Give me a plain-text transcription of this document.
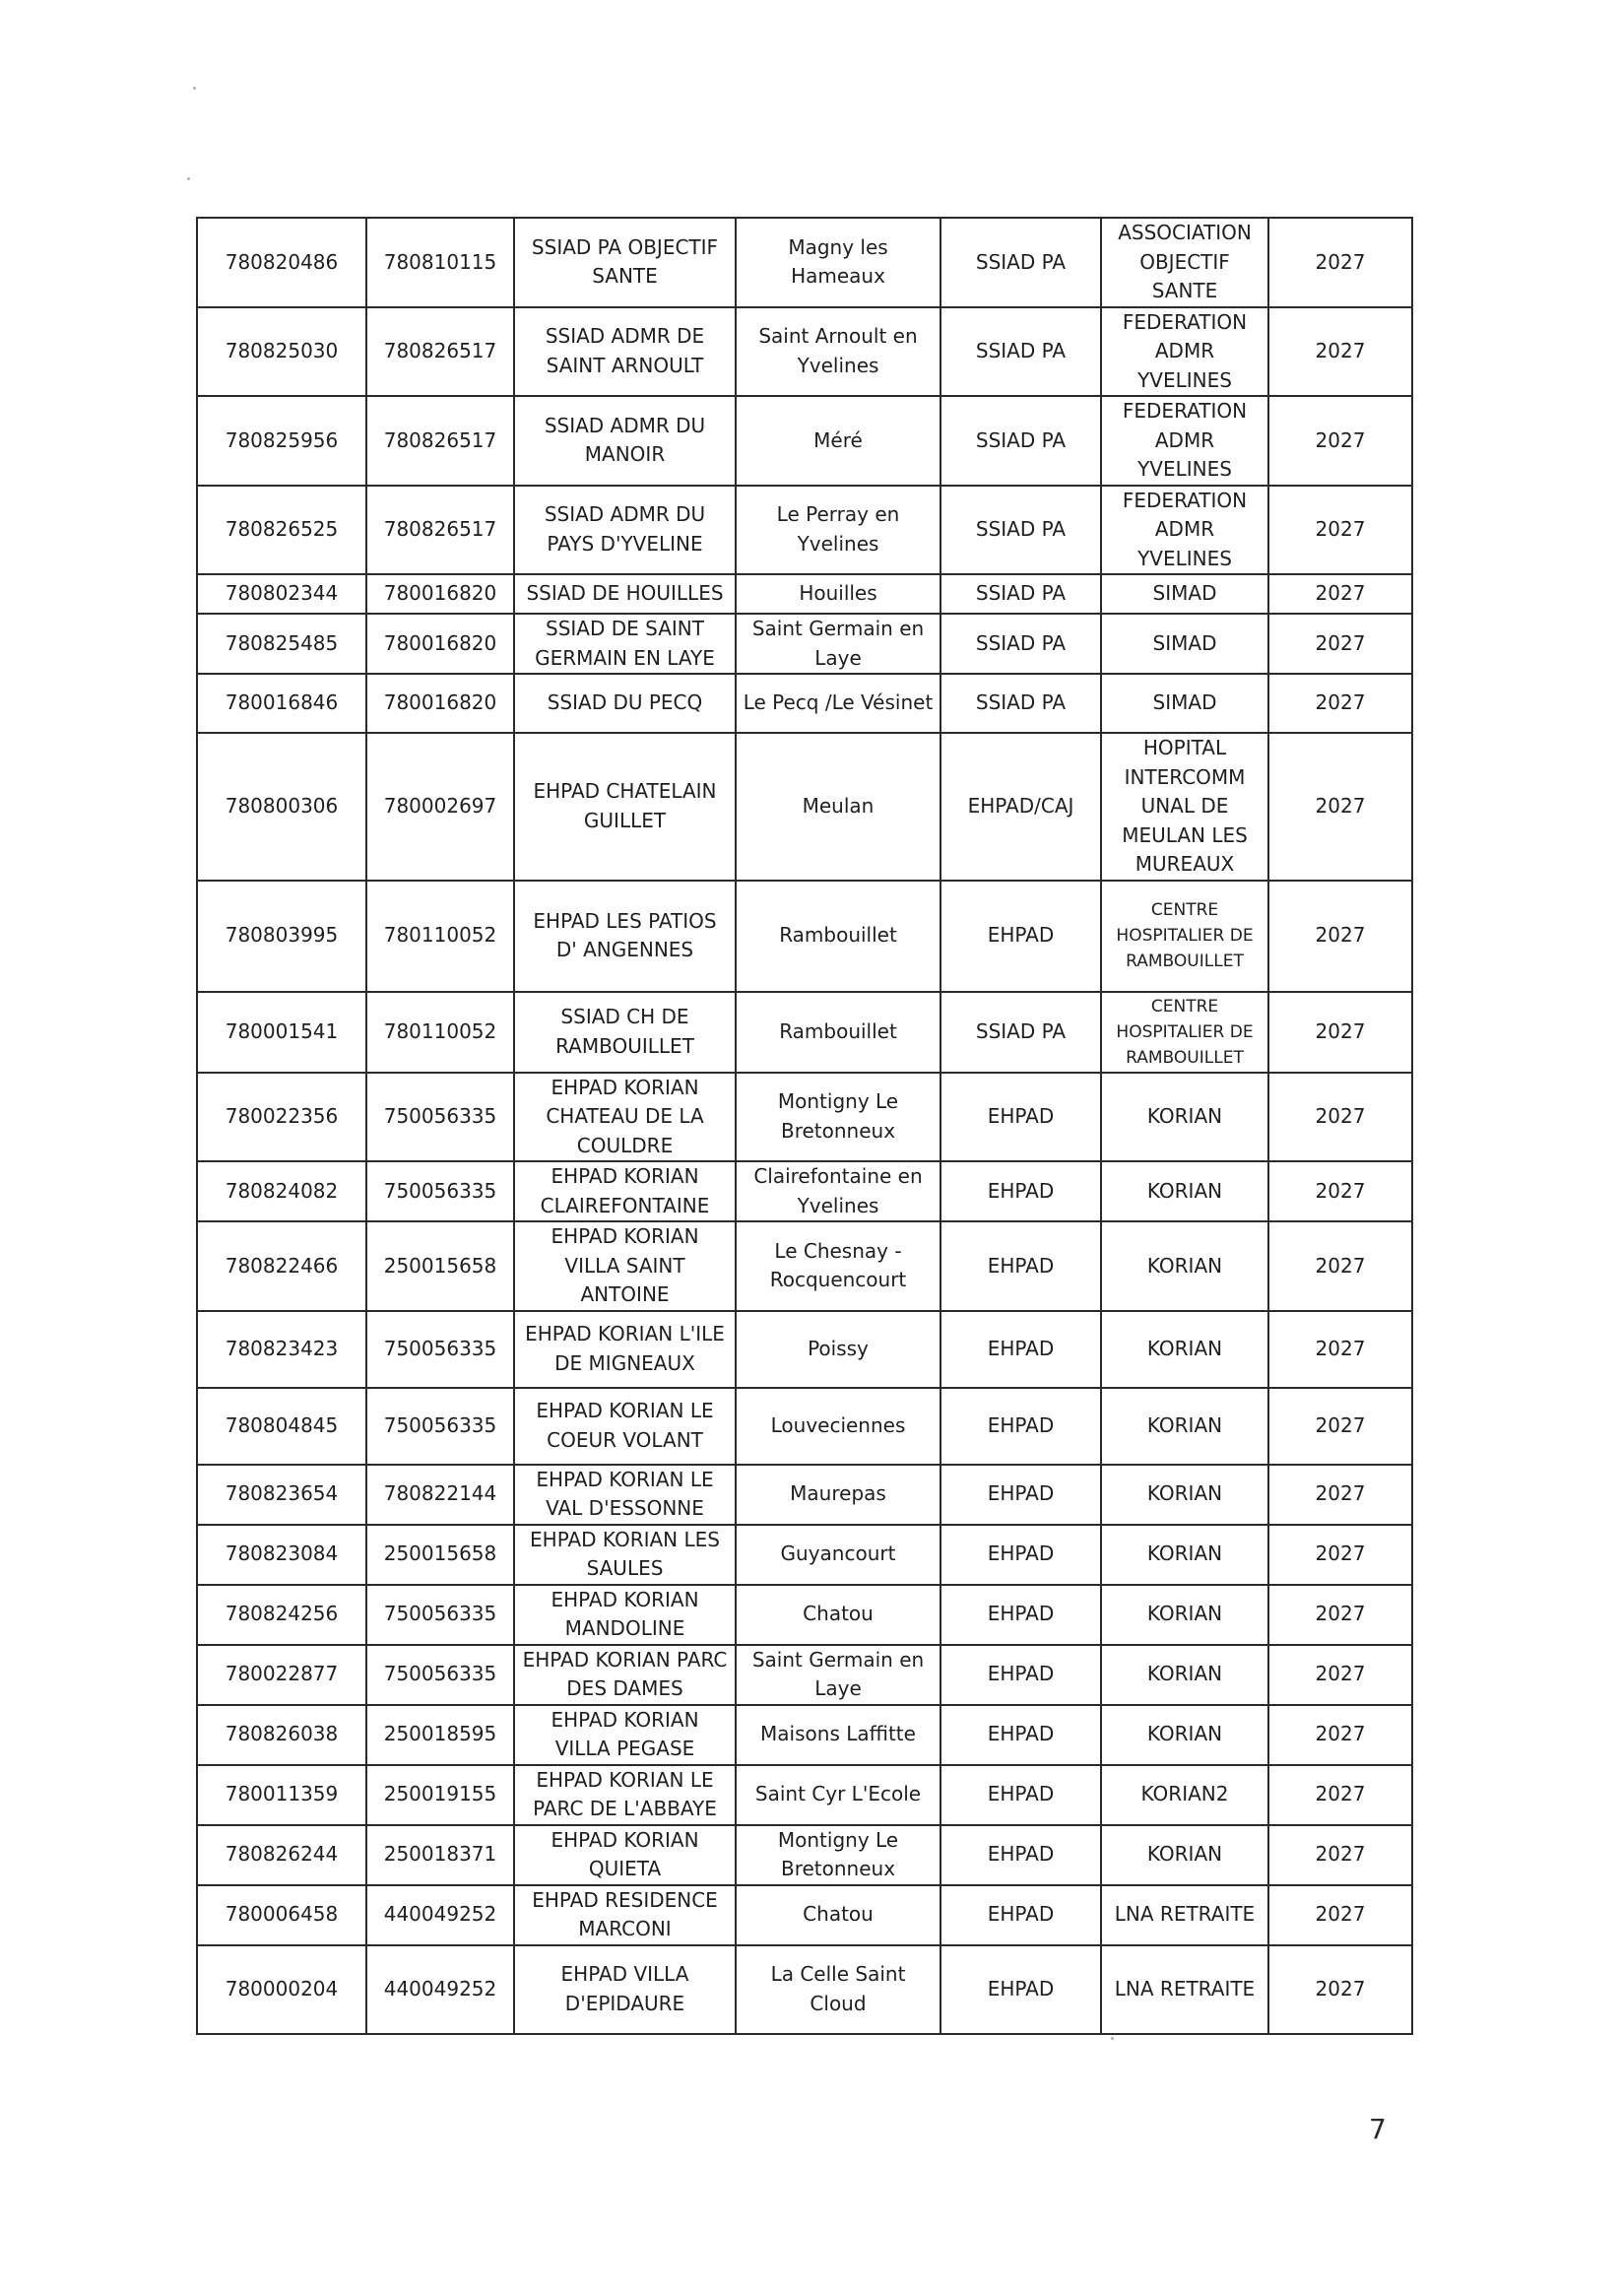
780820486	780810115	SSIAD PA OBJECTIF SANTE	Magny les Hameaux	SSIAD PA	ASSOCIATION OBJECTIF SANTE	2027
780825030	780826517	SSIAD ADMR DE SAINT ARNOULT	Saint Arnoult en Yvelines	SSIAD PA	FEDERATION ADMR YVELINES	2027
780825956	780826517	SSIAD ADMR DU MANOIR	Méré	SSIAD PA	FEDERATION ADMR YVELINES	2027
780826525	780826517	SSIAD ADMR DU PAYS D'YVELINE	Le Perray en Yvelines	SSIAD PA	FEDERATION ADMR YVELINES	2027
780802344	780016820	SSIAD DE HOUILLES	Houilles	SSIAD PA	SIMAD	2027
780825485	780016820	SSIAD DE SAINT GERMAIN EN LAYE	Saint Germain en Laye	SSIAD PA	SIMAD	2027
780016846	780016820	SSIAD DU PECQ	Le Pecq /Le Vésinet	SSIAD PA	SIMAD	2027
780800306	780002697	EHPAD CHATELAIN GUILLET	Meulan	EHPAD/CAJ	HOPITAL INTERCOMM UNAL DE MEULAN LES MUREAUX	2027
780803995	780110052	EHPAD LES PATIOS D' ANGENNES	Rambouillet	EHPAD	CENTRE HOSPITALIER DE RAMBOUILLET	2027
780001541	780110052	SSIAD CH DE RAMBOUILLET	Rambouillet	SSIAD PA	CENTRE HOSPITALIER DE RAMBOUILLET	2027
780022356	750056335	EHPAD KORIAN CHATEAU DE LA COULDRE	Montigny Le Bretonneux	EHPAD	KORIAN	2027
780824082	750056335	EHPAD KORIAN CLAIREFONTAINE	Clairefontaine en Yvelines	EHPAD	KORIAN	2027
780822466	250015658	EHPAD KORIAN VILLA SAINT ANTOINE	Le Chesnay - Rocquencourt	EHPAD	KORIAN	2027
780823423	750056335	EHPAD KORIAN L'ILE DE MIGNEAUX	Poissy	EHPAD	KORIAN	2027
780804845	750056335	EHPAD KORIAN LE COEUR VOLANT	Louveciennes	EHPAD	KORIAN	2027
780823654	780822144	EHPAD KORIAN LE VAL D'ESSONNE	Maurepas	EHPAD	KORIAN	2027
780823084	250015658	EHPAD KORIAN LES SAULES	Guyancourt	EHPAD	KORIAN	2027
780824256	750056335	EHPAD KORIAN MANDOLINE	Chatou	EHPAD	KORIAN	2027
780022877	750056335	EHPAD KORIAN PARC DES DAMES	Saint Germain en Laye	EHPAD	KORIAN	2027
780826038	250018595	EHPAD KORIAN VILLA PEGASE	Maisons Laffitte	EHPAD	KORIAN	2027
780011359	250019155	EHPAD KORIAN LE PARC DE L'ABBAYE	Saint Cyr L'Ecole	EHPAD	KORIAN2	2027
780826244	250018371	EHPAD KORIAN QUIETA	Montigny Le Bretonneux	EHPAD	KORIAN	2027
780006458	440049252	EHPAD RESIDENCE MARCONI	Chatou	EHPAD	LNA RETRAITE	2027
780000204	440049252	EHPAD VILLA D'EPIDAURE	La Celle Saint Cloud	EHPAD	LNA RETRAITE	2027
7
